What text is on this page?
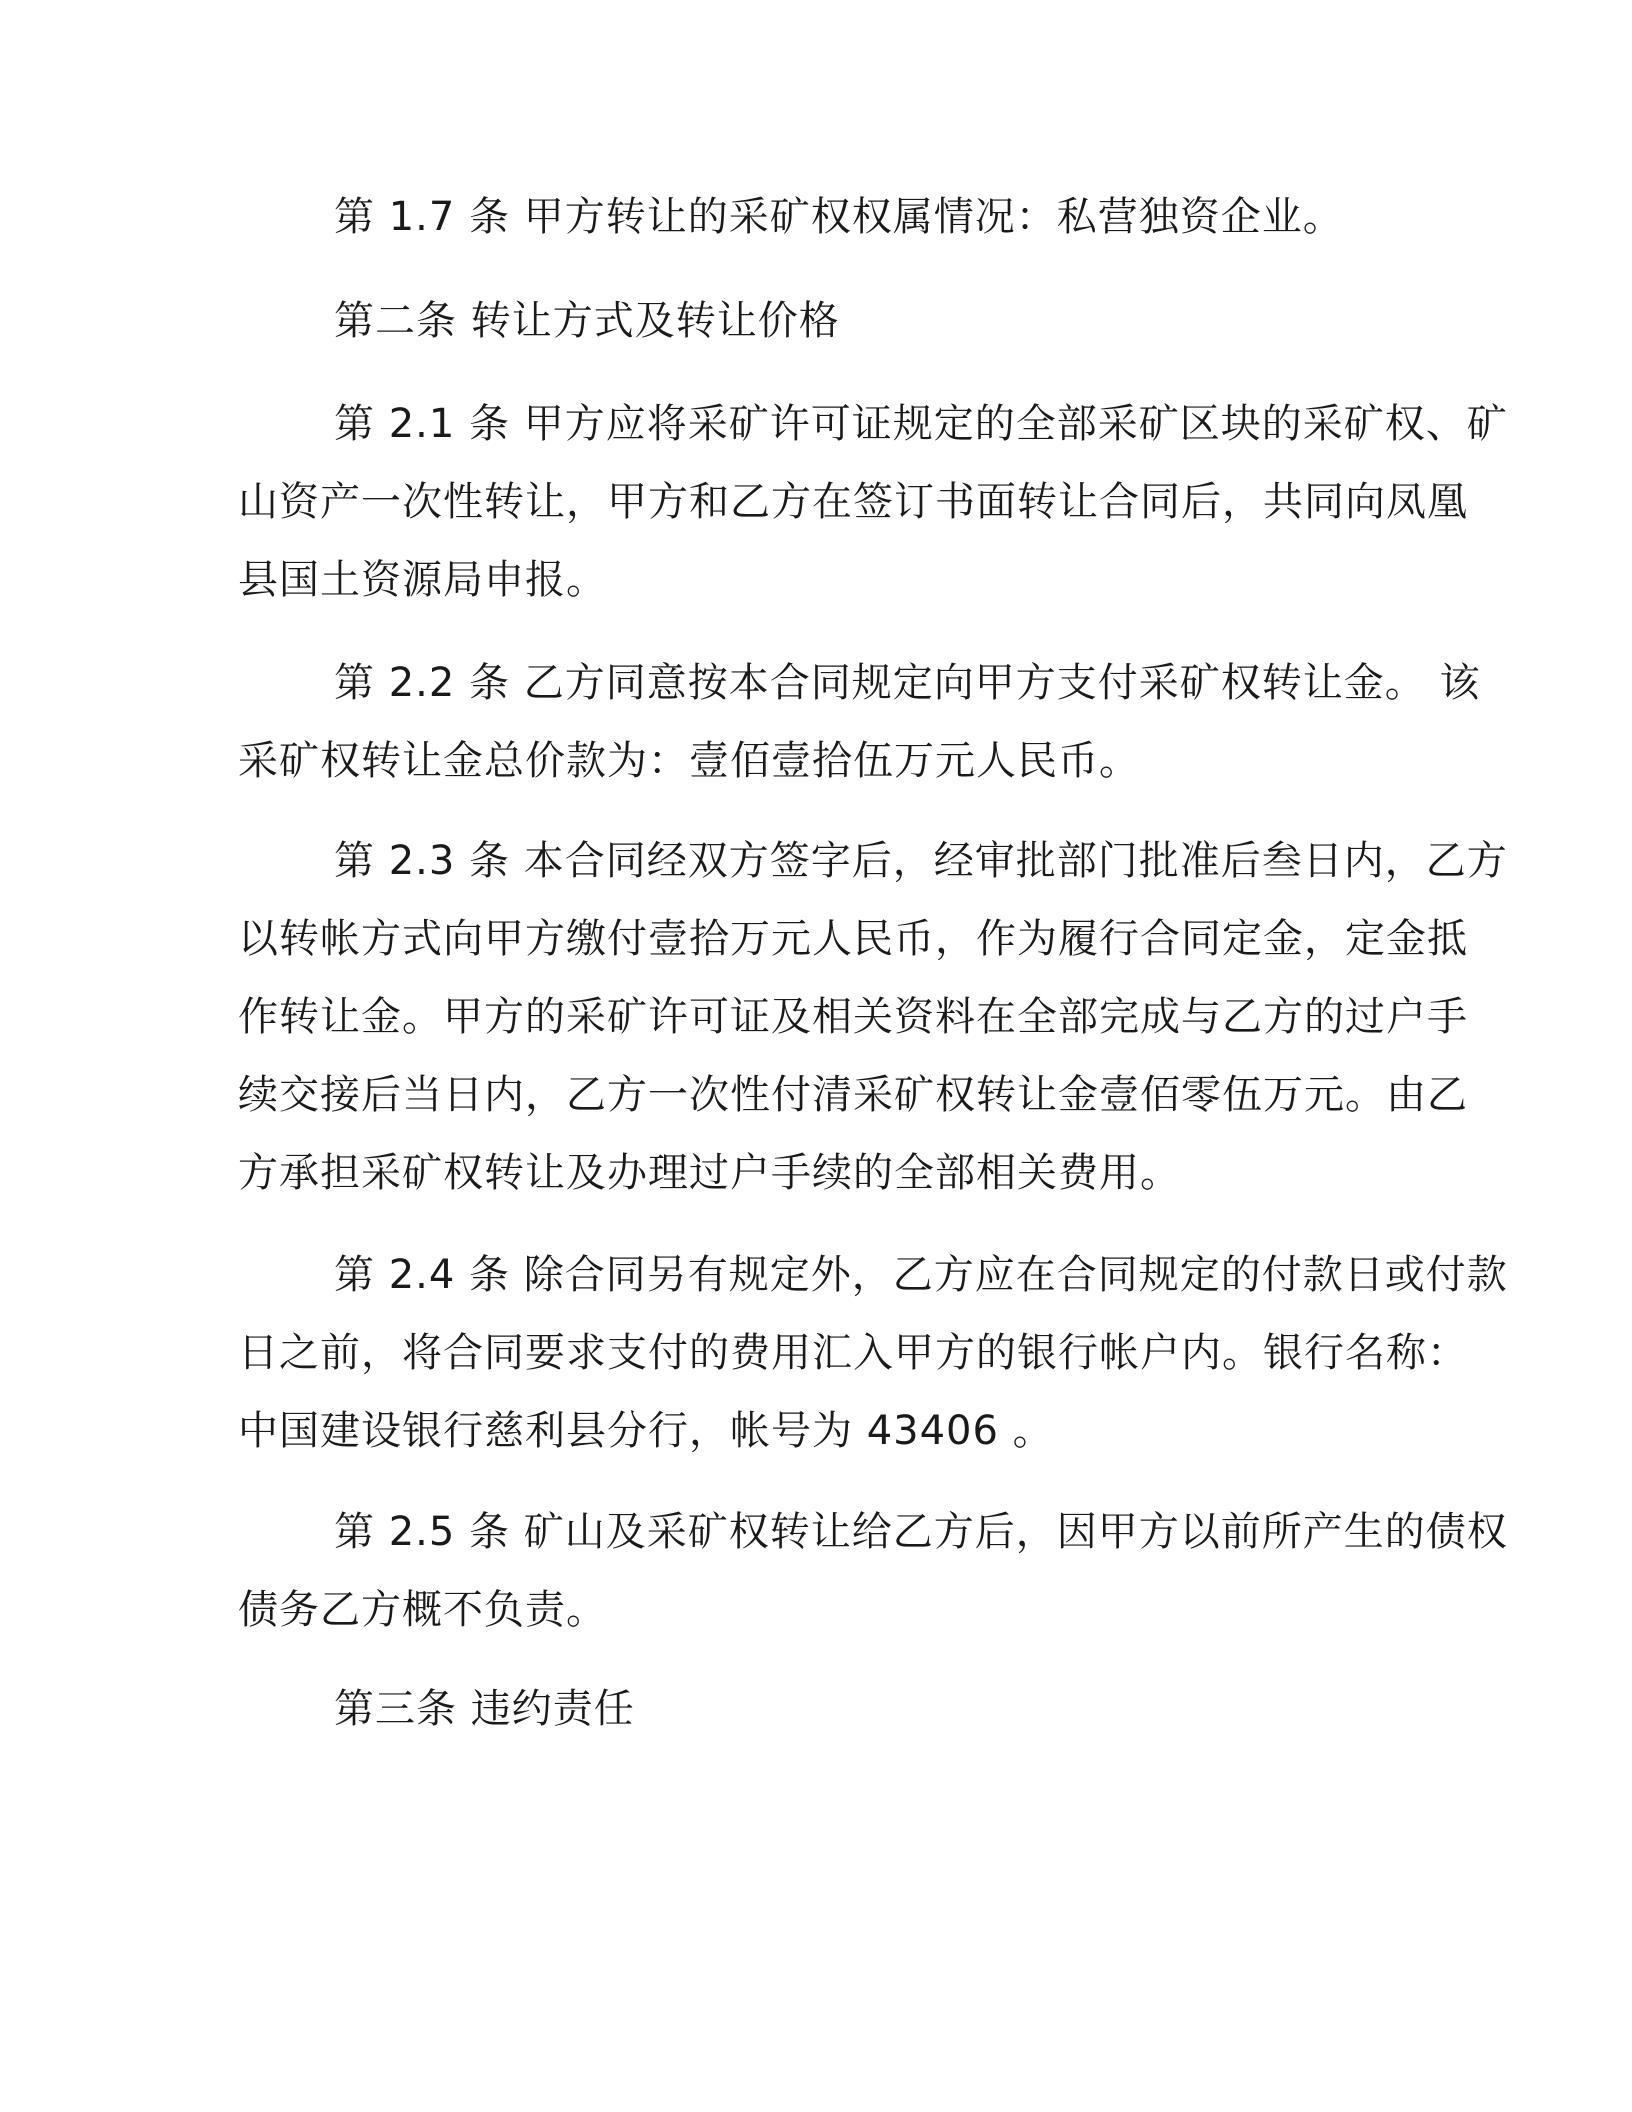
第 1.7 条 甲方转让的采矿权权属情况：私营独资企业。

第二条 转让方式及转让价格

第 2.1 条 甲方应将采矿许可证规定的全部采矿区块的采矿权、矿
山资产一次性转让，甲方和乙方在签订书面转让合同后，共同向凤凰
县国土资源局申报。

第 2.2 条 乙方同意按本合同规定向甲方支付采矿权转让金。 该
采矿权转让金总价款为：壹佰壹拾伍万元人民币。

第 2.3 条 本合同经双方签字后，经审批部门批准后叁日内，乙方
以转帐方式向甲方缴付壹拾万元人民币，作为履行合同定金，定金抵
作转让金。甲方的采矿许可证及相关资料在全部完成与乙方的过户手
续交接后当日内，乙方一次性付清采矿权转让金壹佰零伍万元。由乙
方承担采矿权转让及办理过户手续的全部相关费用。

第 2.4 条 除合同另有规定外，乙方应在合同规定的付款日或付款
日之前，将合同要求支付的费用汇入甲方的银行帐户内。银行名称：
中国建设银行慈利县分行，帐号为 43406 。

第 2.5 条 矿山及采矿权转让给乙方后，因甲方以前所产生的债权
债务乙方概不负责。

第三条 违约责任
